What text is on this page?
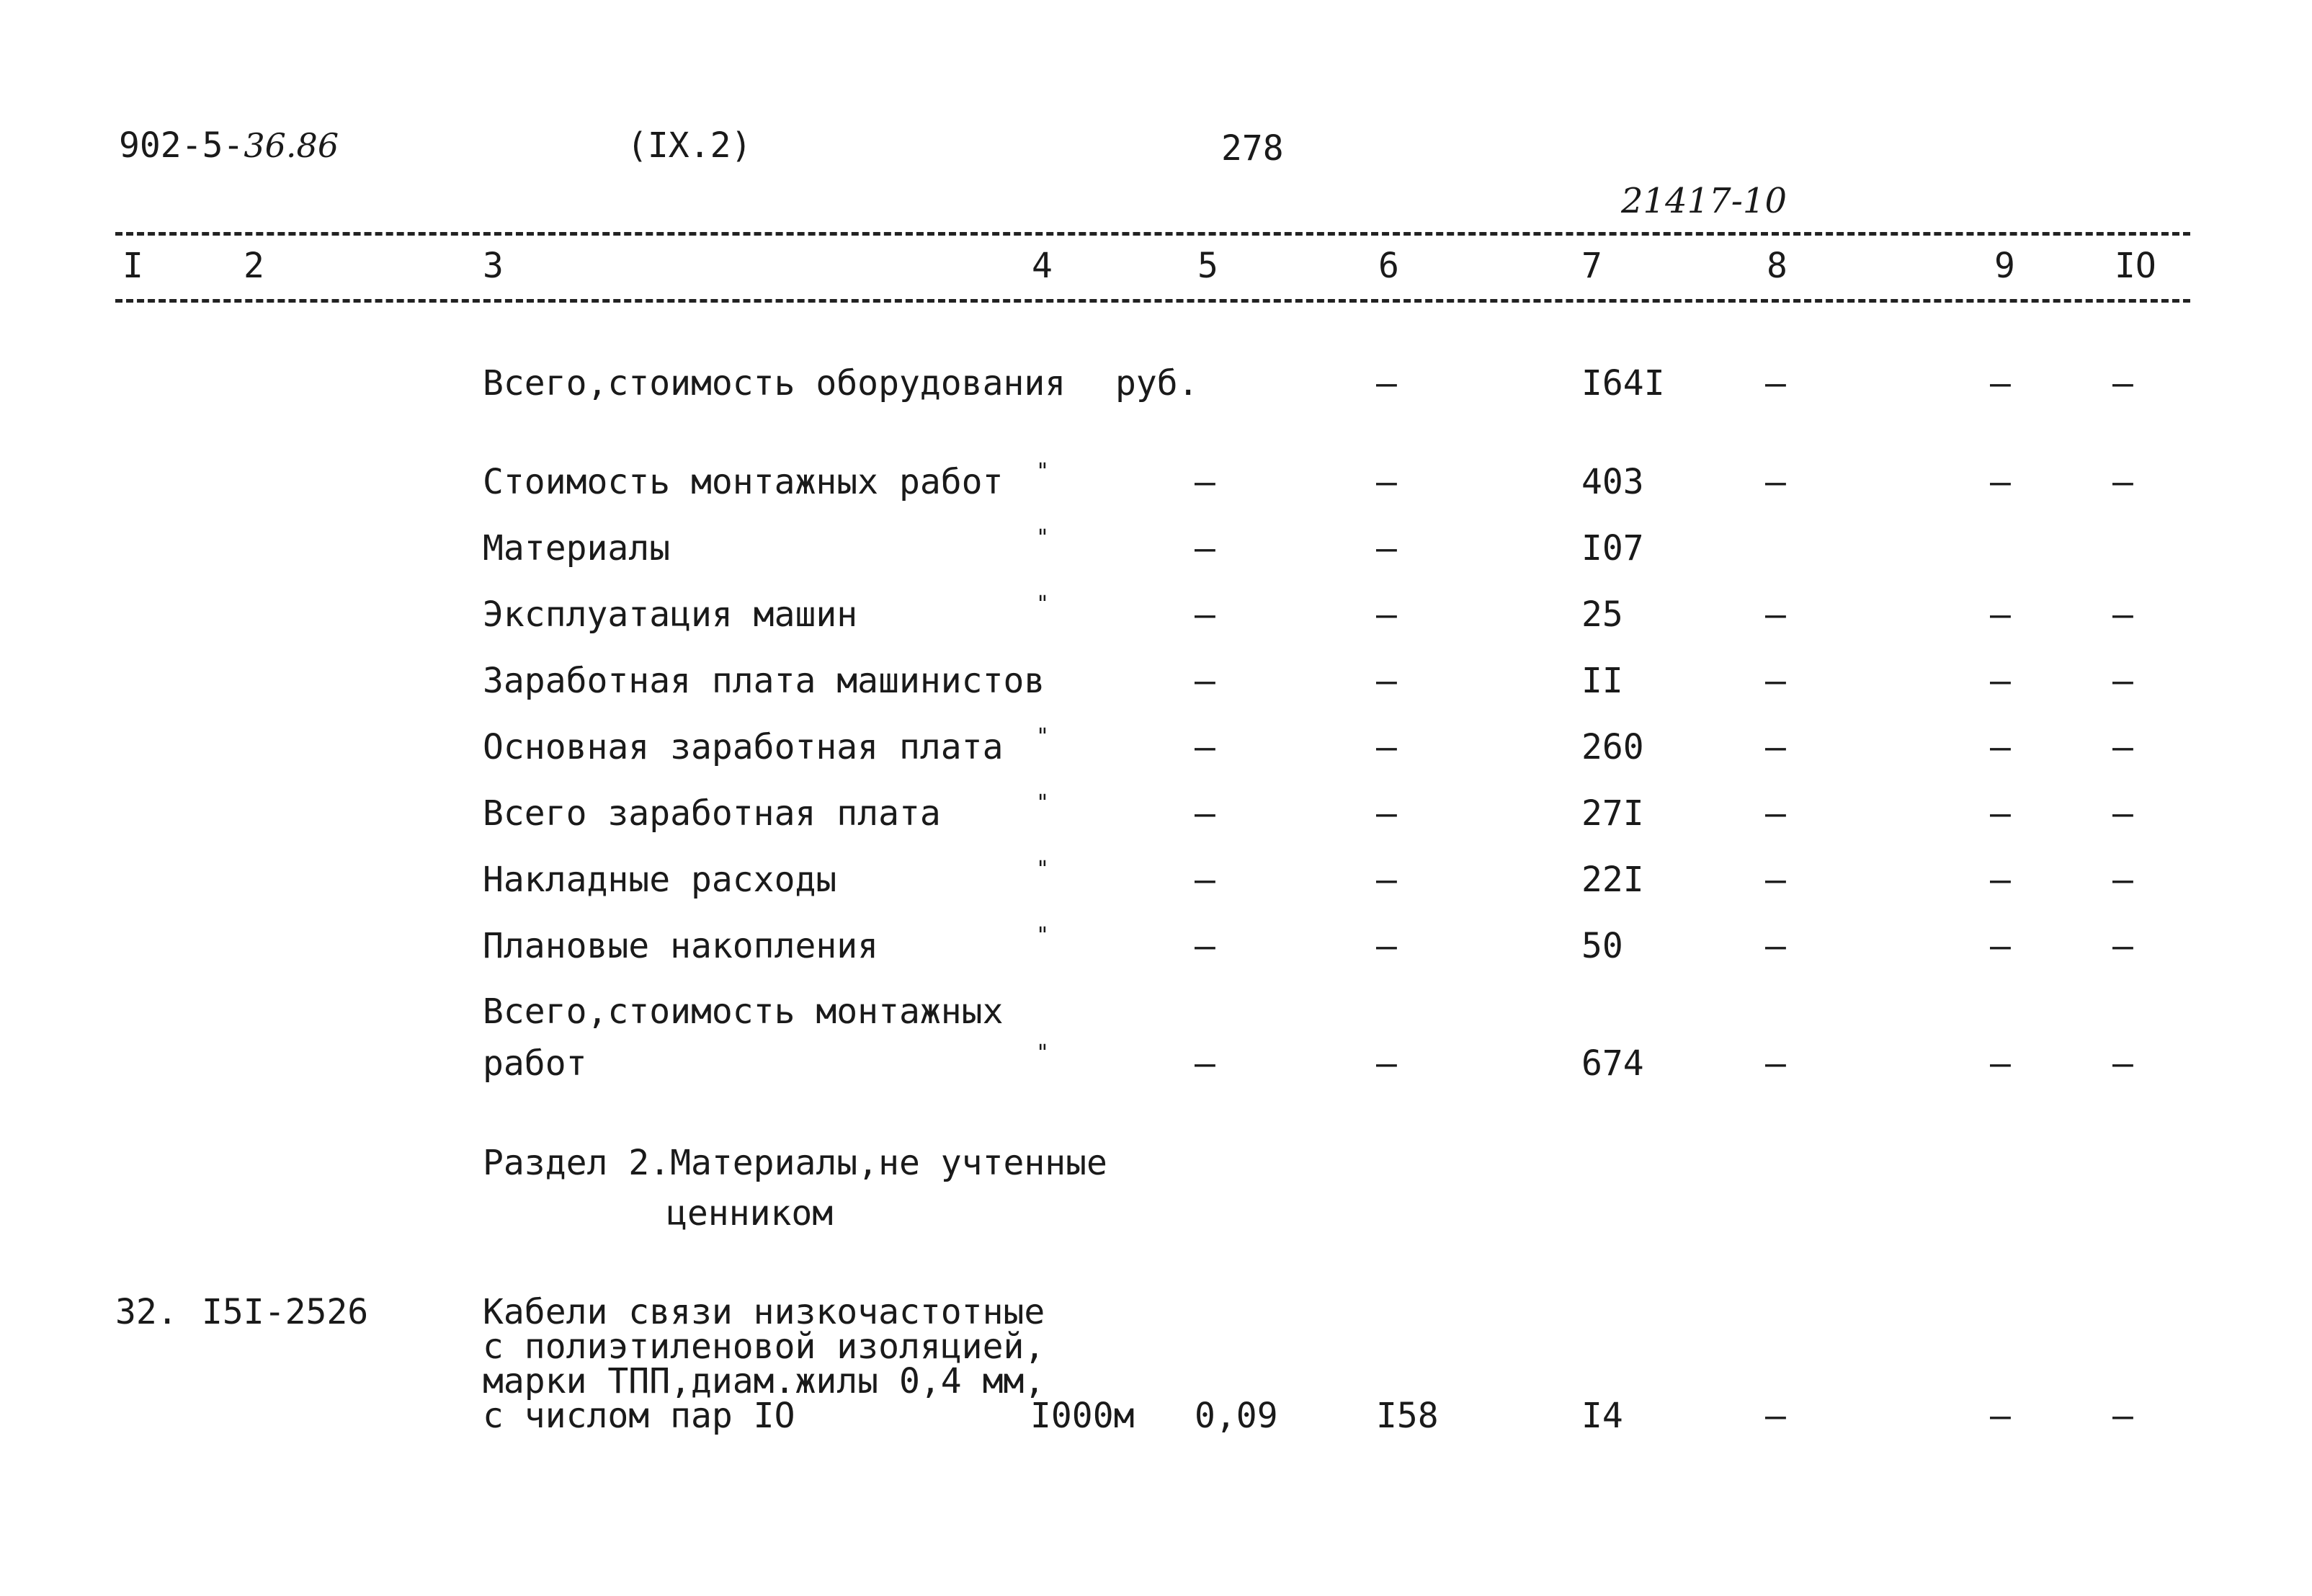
902-5-36.86	(IX.2)	278
21417-10
I	2	3	4	5	6	7	8	9	IO
Всего,стоимость оборудования руб.	–	I64I	–	–	–
Стоимость монтажных работ "	–	–	403	–	–	–
Материалы	"	–	–	I07
Эксплуатация машин	"	–	–	25	–	–	–
Заработная плата машинистов	–	–	II	–	–	–
Основная заработная плата "	–	–	260	–	–	–
Всего заработная плата	"	–	–	27I	–	–	–
Накладные расходы	"	–	–	22I	–	–	–
Плановые накопления	"	–	–	50	–	–	–
Всего,стоимость монтажных
работ	"	–	–	674	–	–	–
Раздел 2.Материалы,не учтенные
ценником
32. I5I-2526	Кабели связи низкочастотные
с полиэтиленовой изоляцией,
марки ТПП,диам.жилы 0,4 мм,
с числом пар IO	I000м 0,09	I58	I4	–	–	–
